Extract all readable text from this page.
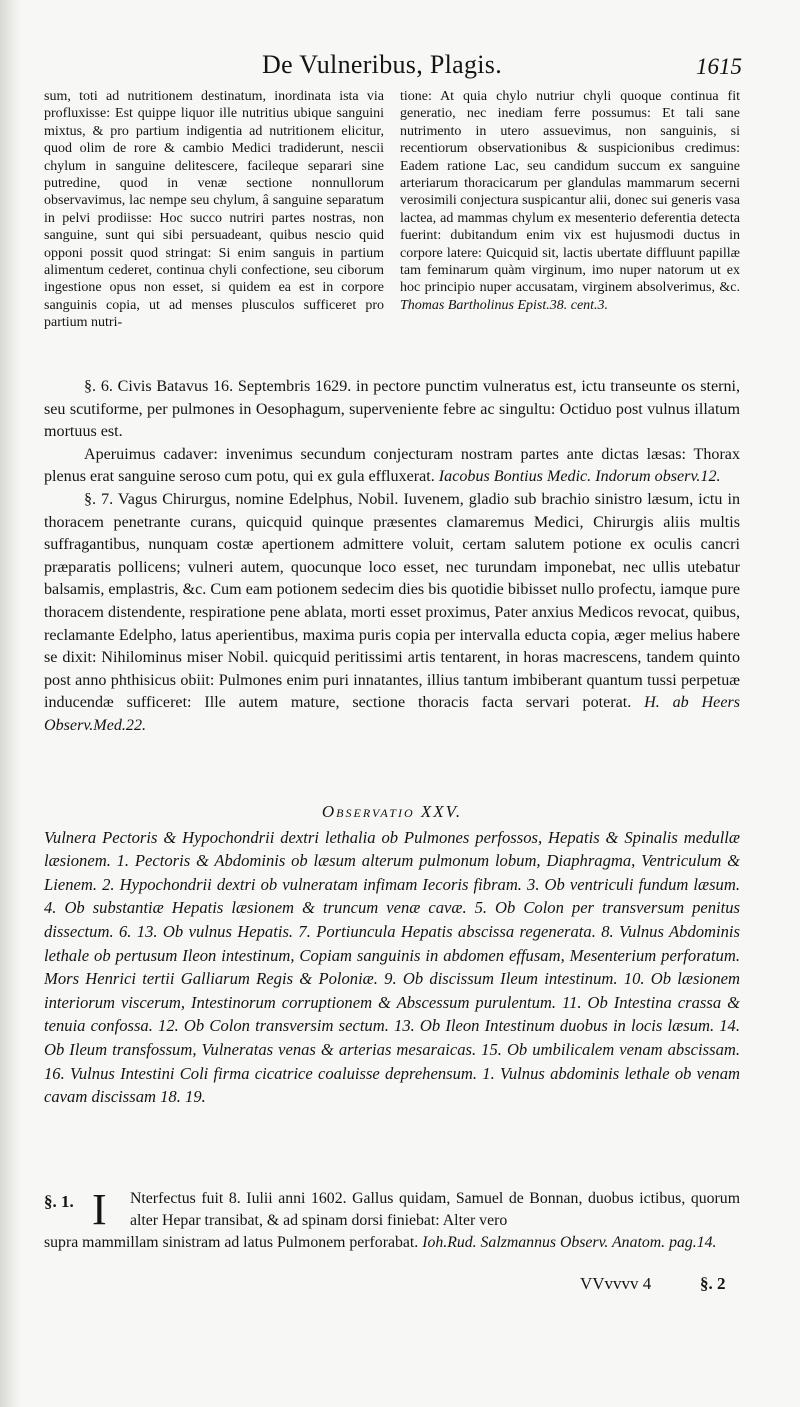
De Vulneribus, Plagis.	1615

sum, toti ad nutritionem destinatum, inordinata ista via profluxisse: Est quippe liquor ille nutritius ubique sanguini mixtus, & pro partium indigentia ad nutritionem elicitur, quod olim de rore & cambio Medici tradiderunt, nescii chylum in sanguine delitescere, facileque separari sine putredine, quod in venæ sectione nonnullorum observavimus, lac nempe seu chylum, â sanguine separatum in pelvi prodiisse: Hoc succo nutriri partes nostras, non sanguine, sunt qui sibi persuadeant, quibus nescio quid opponi possit quod stringat: Si enim sanguis in partium alimentum cederet, continua chyli confectione, seu ciborum ingestione opus non esset, si quidem ea est in corpore sanguinis copia, ut ad menses plusculos sufficeret pro partium nutri-

tione: At quia chylo nutriur chyli quoque continua fit generatio, nec inediam ferre possumus: Et tali sane nutrimento in utero assuevimus, non sanguinis, si recentiorum observationibus & suspicionibus credimus: Eadem ratione Lac, seu candidum succum ex sanguine arteriarum thoracicarum per glandulas mammarum secerni verosimili conjectura suspicantur alii, donec sui generis vasa lactea, ad mammas chylum ex mesenterio deferentia detecta fuerint: dubitandum enim vix est hujusmodi ductus in corpore latere: Quicquid sit, lactis ubertate diffluunt papillæ tam feminarum quàm virginum, imo nuper natorum ut ex hoc principio nuper accusatam, virginem absolverimus, &c. Thomas Bartholinus Epist.38. cent.3.

§. 6. Civis Batavus 16. Septembris 1629. in pectore punctim vulneratus est, ictu transeunte os sterni, seu scutiforme, per pulmones in Oesophagum, superveniente febre ac singultu: Octiduo post vulnus illatum mortuus est.

Aperuimus cadaver: invenimus secundum conjecturam nostram partes ante dictas læsas: Thorax plenus erat sanguine seroso cum potu, qui ex gula effluxerat. Iacobus Bontius Medic. Indorum observ.12.

§. 7. Vagus Chirurgus, nomine Edelphus, Nobil. Iuvenem, gladio sub brachio sinistro læsum, ictu in thoracem penetrante curans, quicquid quinque præsentes clamaremus Medici, Chirurgis aliis multis suffragantibus, nunquam costæ apertionem admittere voluit, certam salutem potione ex oculis cancri præparatis pollicens; vulneri autem, quocunque loco esset, nec turundam imponebat, nec ullis utebatur balsamis, emplastris, &c. Cum eam potionem sedecim dies bis quotidie bibisset nullo profectu, iamque pure thoracem distendente, respiratione pene ablata, morti esset proximus, Pater anxius Medicos revocat, quibus, reclamante Edelpho, latus aperientibus, maxima puris copia per intervalla educta copia, æger melius habere se dixit: Nihilominus miser Nobil. quicquid peritissimi artis tentarent, in horas macrescens, tandem quinto post anno phthisicus obiit: Pulmones enim puri innatantes, illius tantum imbiberant quantum tussi perpetuæ inducendæ sufficeret: Ille autem mature, sectione thoracis facta servari poterat. H. ab Heers Observ.Med.22.

Observatio XXV.

Vulnera Pectoris & Hypochondrii dextri lethalia ob Pulmones perfossos, Hepatis & Spinalis medullæ læsionem. 1. Pectoris & Abdominis ob læsum alterum pulmonum lobum, Diaphragma, Ventriculum & Lienem. 2. Hypochondrii dextri ob vulneratam infimam Iecoris fibram. 3. Ob ventriculi fundum læsum. 4. Ob substantiæ Hepatis læsionem & truncum venæ cavæ. 5. Ob Colon per transversum penitus dissectum. 6. 13. Ob vulnus Hepatis. 7. Portiuncula Hepatis abscissa regenerata. 8. Vulnus Abdominis lethale ob pertusum Ileon intestinum, Copiam sanguinis in abdomen effusam, Mesenterium perforatum. Mors Henrici tertii Galliarum Regis & Poloniæ. 9. Ob discissum Ileum intestinum. 10. Ob læsionem interiorum viscerum, Intestinorum corruptionem & Abscessum purulentum. 11. Ob Intestina crassa & tenuia confossa. 12. Ob Colon transversim sectum. 13. Ob Ileon Intestinum duobus in locis læsum. 14. Ob Ileum transfossum, Vulneratas venas & arterias mesaraicas. 15. Ob umbilicalem venam abscissam. 16. Vulnus Intestini Coli firma cicatrice coaluisse deprehensum. 1. Vulnus abdominis lethale ob venam cavam discissam 18. 19.

§. 1. I	Nterfectus fuit 8. Iulii anni 1602. Gallus quidam, Samuel de Bonnan, duobus ictibus, quorum alter Hepar transibat, & ad spinam dorsi finiebat: Alter vero

supra mammillam sinistram ad latus Pulmonem perforabat. Ioh.Rud. Salzmannus Observ. Anatom. pag.14.

VVvvvv 4	§. 2
